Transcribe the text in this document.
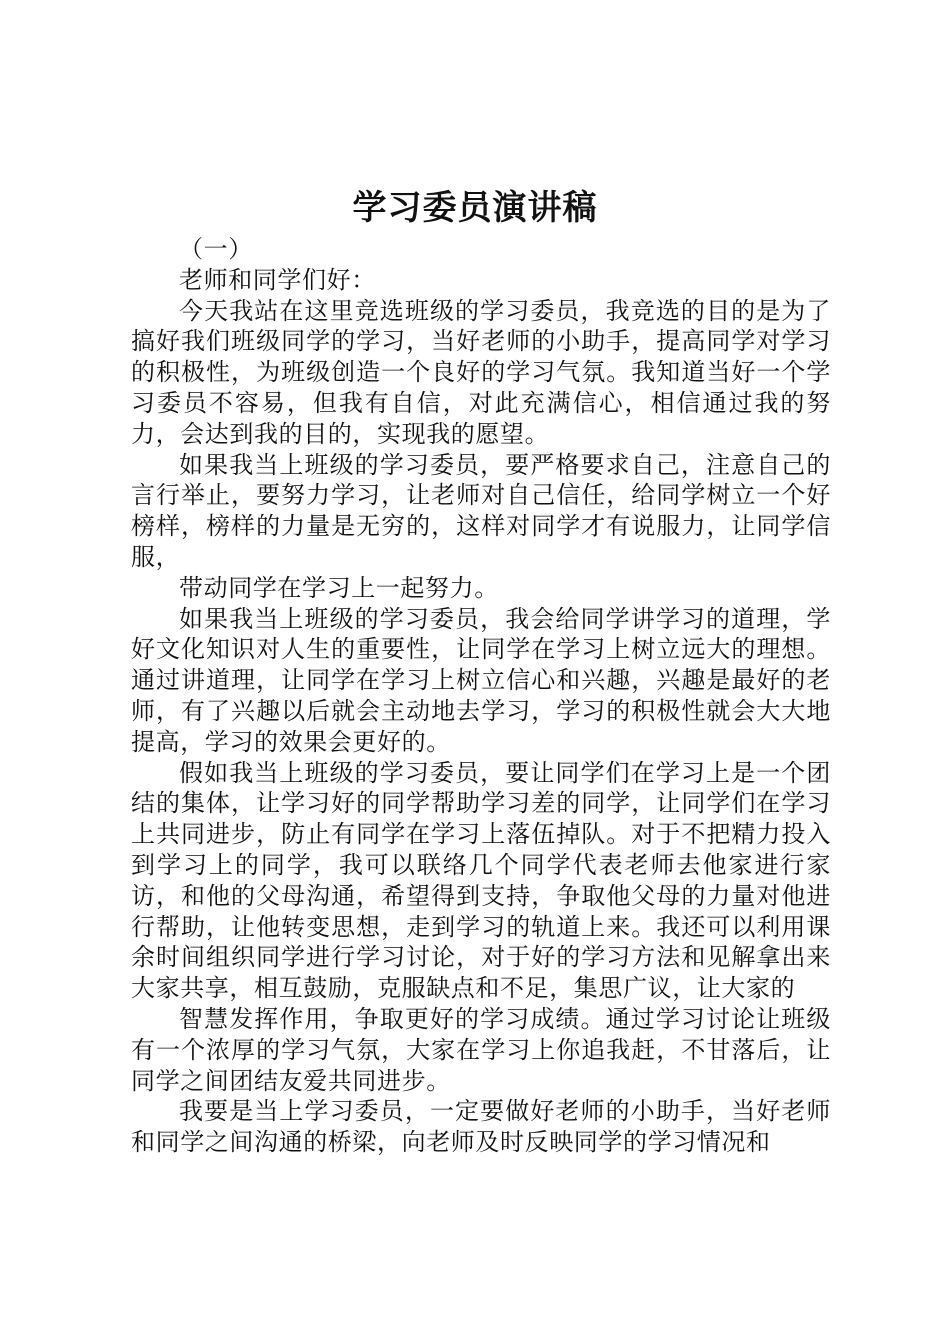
学习委员演讲稿

（一）

老师和同学们好：

今天我站在这里竞选班级的学习委员，我竞选的目的是为了搞好我们班级同学的学习，当好老师的小助手，提高同学对学习的积极性，为班级创造一个良好的学习气氛。我知道当好一个学习委员不容易，但我有自信，对此充满信心，相信通过我的努力，会达到我的目的，实现我的愿望。

如果我当上班级的学习委员，要严格要求自己，注意自己的言行举止，要努力学习，让老师对自己信任，给同学树立一个好榜样，榜样的力量是无穷的，这样对同学才有说服力，让同学信服，

带动同学在学习上一起努力。

如果我当上班级的学习委员，我会给同学讲学习的道理，学好文化知识对人生的重要性，让同学在学习上树立远大的理想。通过讲道理，让同学在学习上树立信心和兴趣，兴趣是最好的老师，有了兴趣以后就会主动地去学习，学习的积极性就会大大地提高，学习的效果会更好的。

假如我当上班级的学习委员，要让同学们在学习上是一个团结的集体，让学习好的同学帮助学习差的同学，让同学们在学习上共同进步，防止有同学在学习上落伍掉队。对于不把精力投入到学习上的同学，我可以联络几个同学代表老师去他家进行家访，和他的父母沟通，希望得到支持，争取他父母的力量对他进行帮助，让他转变思想，走到学习的轨道上来。我还可以利用课余时间组织同学进行学习讨论，对于好的学习方法和见解拿出来大家共享，相互鼓励，克服缺点和不足，集思广议，让大家的

智慧发挥作用，争取更好的学习成绩。通过学习讨论让班级有一个浓厚的学习气氛，大家在学习上你追我赶，不甘落后，让同学之间团结友爱共同进步。

我要是当上学习委员，一定要做好老师的小助手，当好老师和同学之间沟通的桥梁，向老师及时反映同学的学习情况和
